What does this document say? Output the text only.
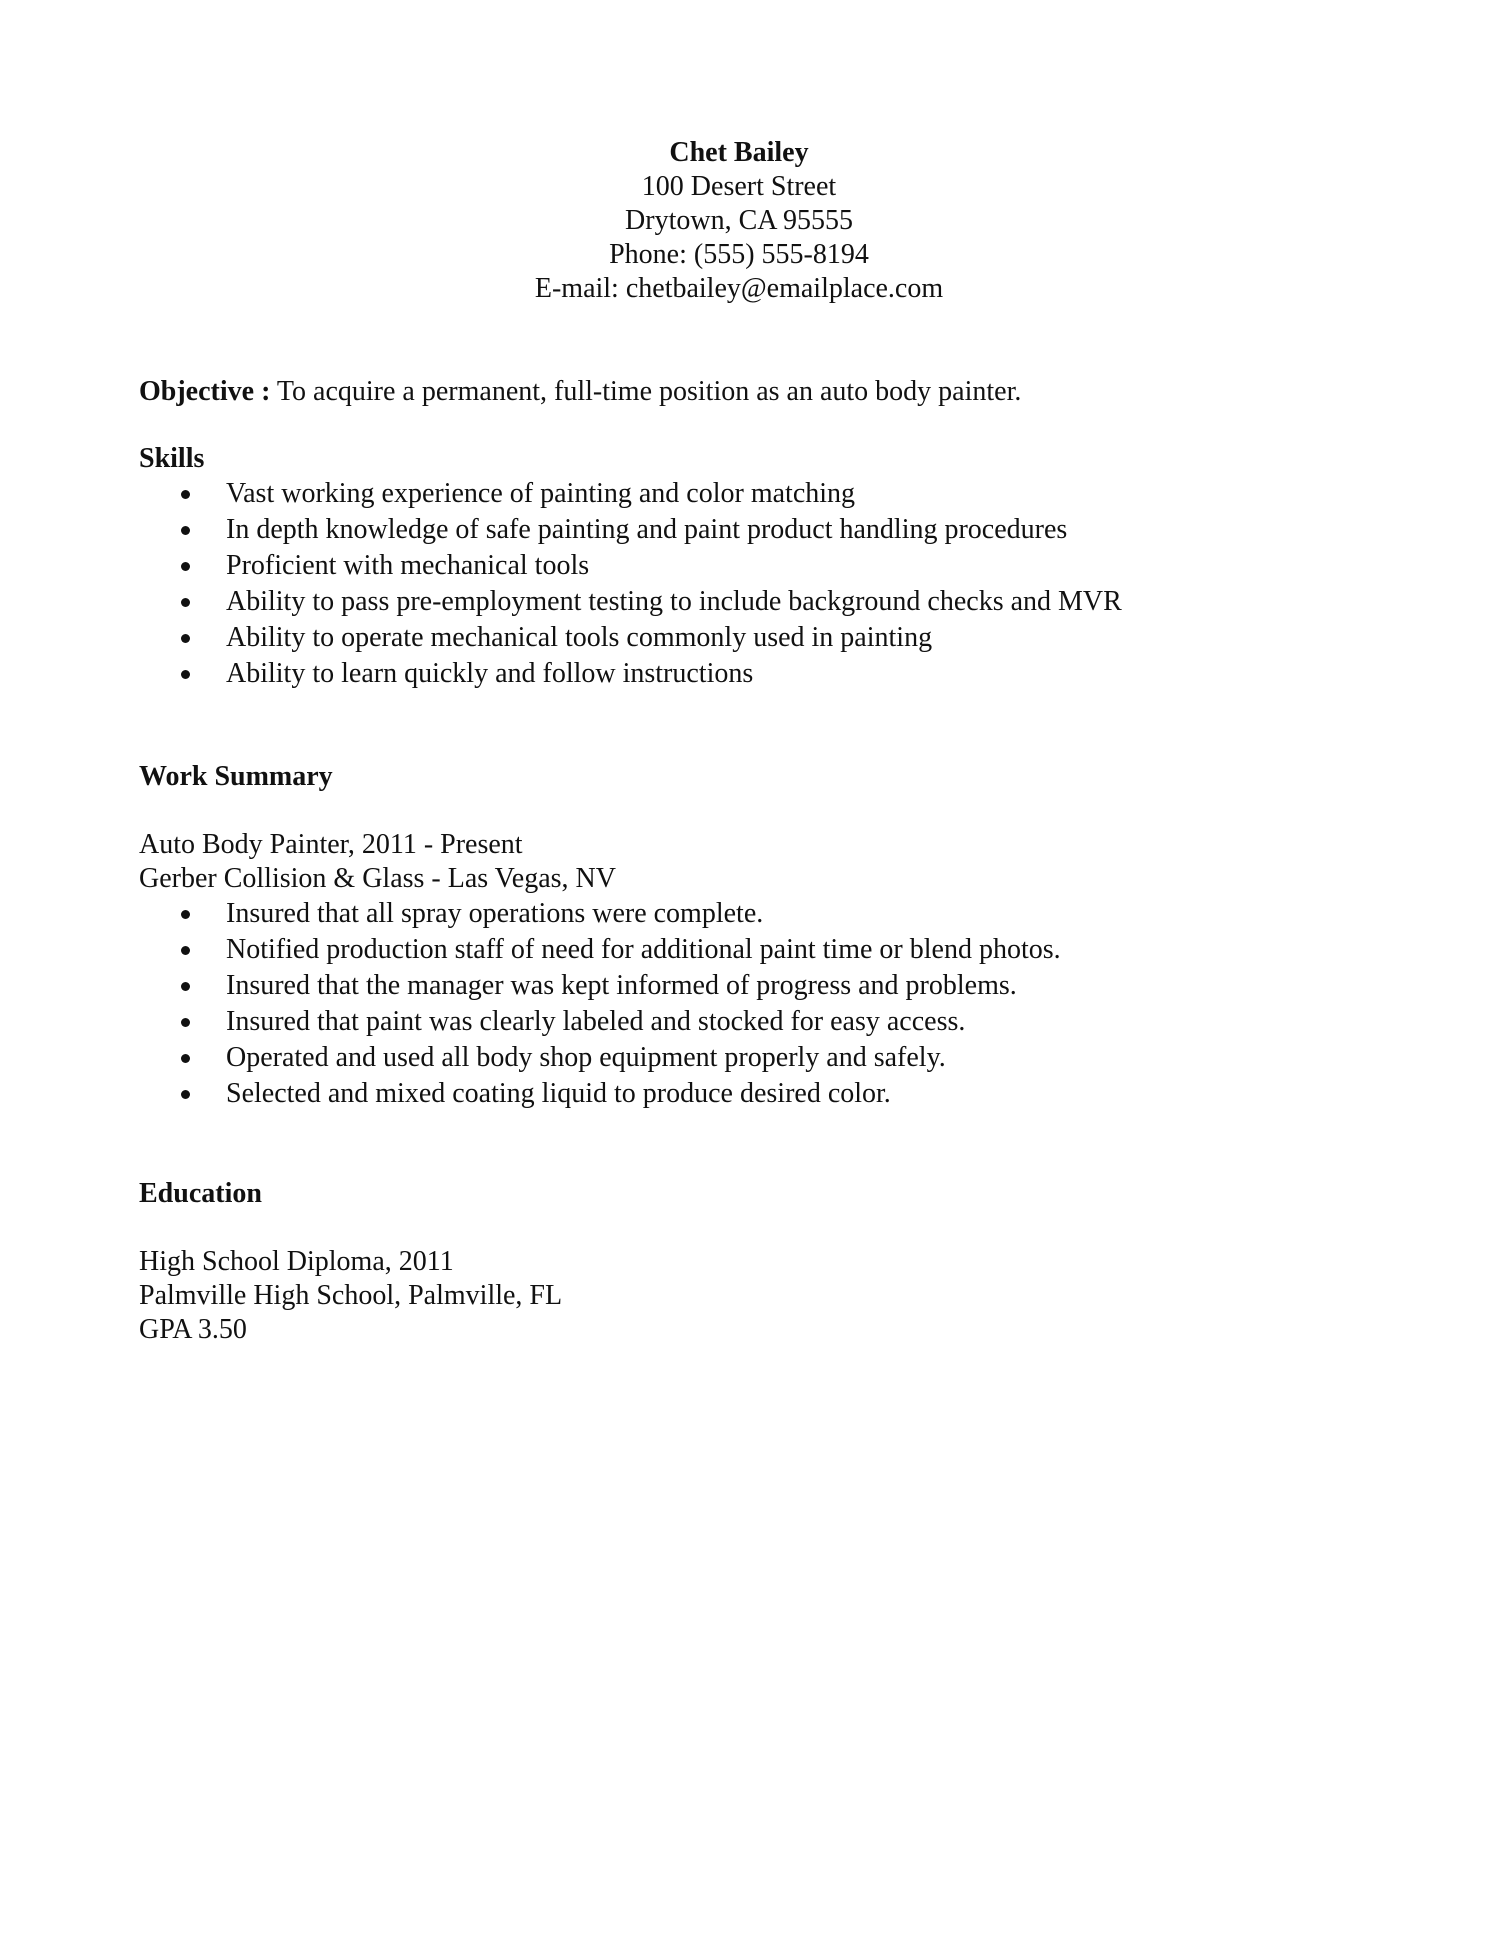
Chet Bailey
100 Desert Street
Drytown, CA 95555
Phone: (555) 555-8194
E-mail: chetbailey@emailplace.com
Objective : To acquire a permanent, full-time position as an auto body painter.
Skills
Vast working experience of painting and color matching
In depth knowledge of safe painting and paint product handling procedures
Proficient with mechanical tools
Ability to pass pre-employment testing to include background checks and MVR
Ability to operate mechanical tools commonly used in painting
Ability to learn quickly and follow instructions
Work Summary
Auto Body Painter, 2011 - Present
Gerber Collision & Glass - Las Vegas, NV
Insured that all spray operations were complete.
Notified production staff of need for additional paint time or blend photos.
Insured that the manager was kept informed of progress and problems.
Insured that paint was clearly labeled and stocked for easy access.
Operated and used all body shop equipment properly and safely.
Selected and mixed coating liquid to produce desired color.
Education
High School Diploma, 2011
Palmville High School, Palmville, FL
GPA 3.50
